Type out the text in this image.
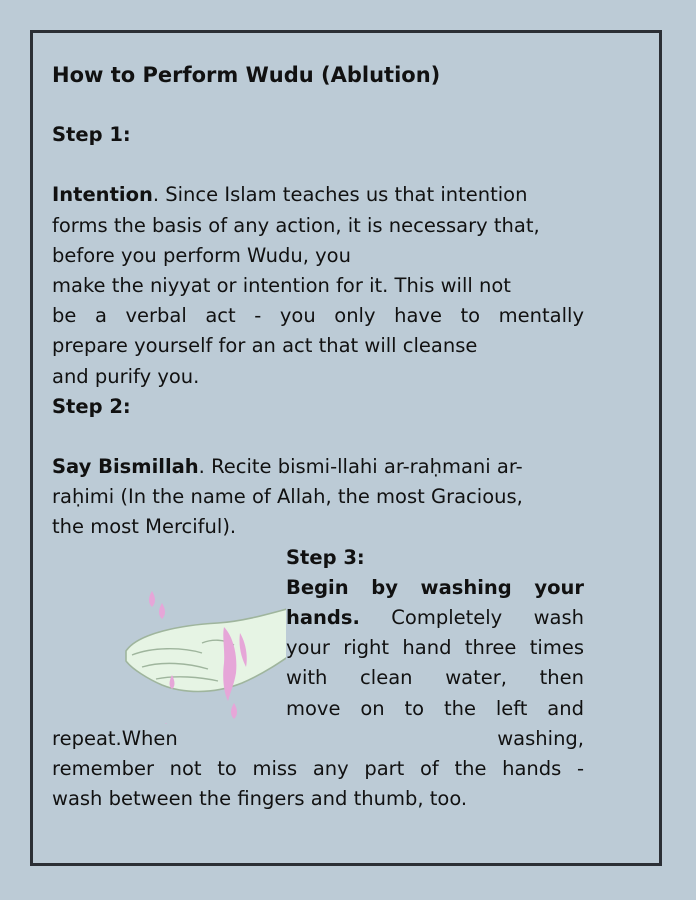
How to Perform Wudu (Ablution)

Step 1:

Intention. Since Islam teaches us that intention

forms the basis of any action, it is necessary that,

before you perform Wudu, you

make the niyyat or intention for it. This will not

be a verbal act - you only have to mentally

prepare yourself for an act that will cleanse

and purify you.

Step 2:

Say Bismillah. Recite bismi-llahi ar-raḥmani ar-

raḥimi (In the name of Allah, the most Gracious,

the most Merciful).

Step 3:
Begin by washing your
hands. Completely wash
your right hand three times
with clean water, then
move on to the left and
repeat.When washing,

remember not to miss any part of the hands -

wash between the fingers and thumb, too.
